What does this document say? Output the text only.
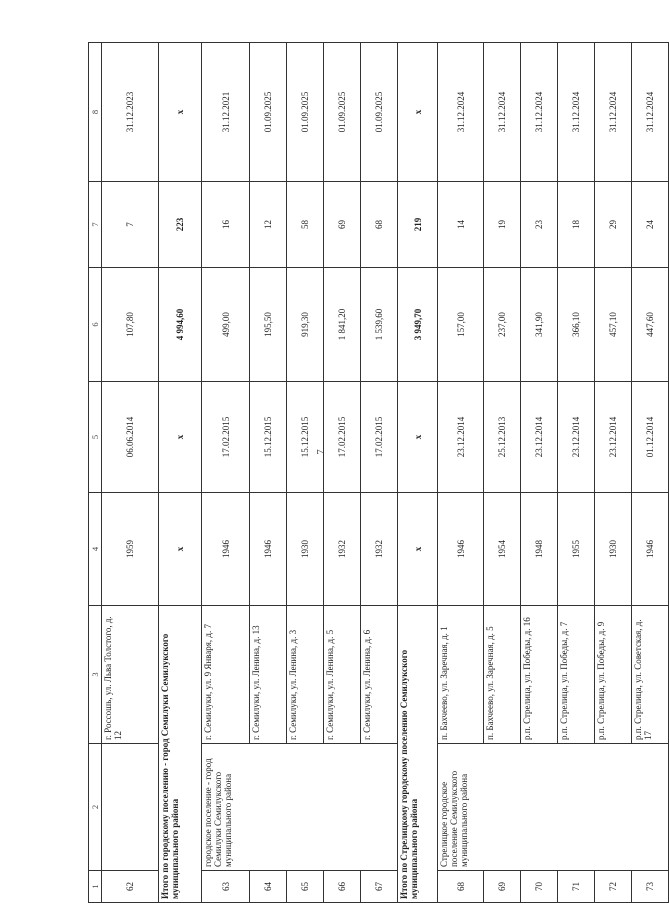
7
1	2	3	4	5	6	7	8
62		г. Россошь, ул. Льва Толстого, д. 12	1959	06.06.2014	107,80	7	31.12.2023
Итого по городскому поселению - город Семилуки Семилукского муниципального района			x	x	4 994,60	223	x
63	городское поселение - город Семилуки Семилукского муниципального района	г. Семилуки, ул. 9 Января, д. 7	1946	17.02.2015	499,00	16	31.12.2021
64		г. Семилуки, ул. Ленина, д. 13	1946	15.12.2015	195,50	12	01.09.2025
65		г. Семилуки, ул. Ленина, д. 3	1930	15.12.2015	919,30	58	01.09.2025
66		г. Семилуки, ул. Ленина, д. 5	1932	17.02.2015	1 841,20	69	01.09.2025
67		г. Семилуки, ул. Ленина, д. 6	1932	17.02.2015	1 539,60	68	01.09.2025
Итого по Стрелицкому городскому поселению Семилукского муниципального района			x	x	3 949,70	219	x
68	Стрелицкое городское поселение Семилукского муниципального района	п. Бахчеево, ул. Заречная, д. 1	1946	23.12.2014	157,00	14	31.12.2024
69		п. Бахчеево, ул. Заречная, д. 5	1954	25.12.2013	237,00	19	31.12.2024
70		р.п. Стрелица, ул. Победы, д. 16	1948	23.12.2014	341,90	23	31.12.2024
71		р.п. Стрелица, ул. Победы, д. 7	1955	23.12.2014	366,10	18	31.12.2024
72		р.п. Стрелица, ул. Победы, д. 9	1930	23.12.2014	457,10	29	31.12.2024
73		р.п. Стрелица, ул. Советская, д. 17	1946	01.12.2014	447,60	24	31.12.2024
